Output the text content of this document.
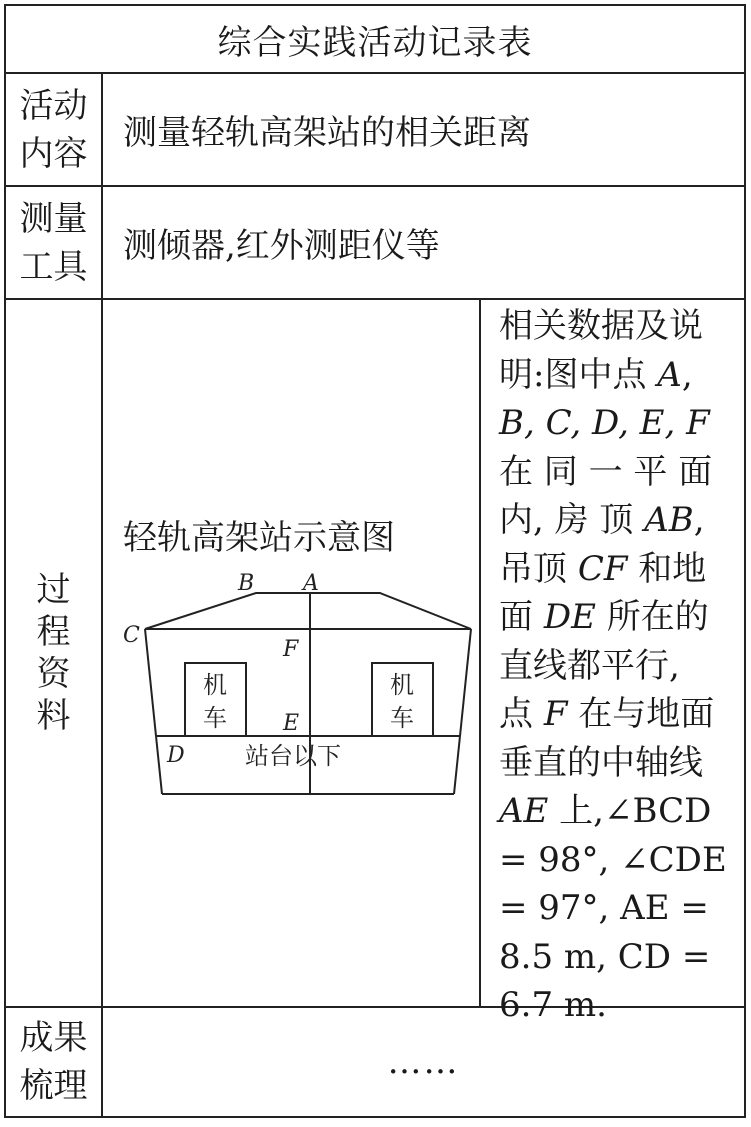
综合实践活动记录表
活动
内容
测量轻轨高架站的相关距离
测量
工具
测倾器,红外测距仪等
过
程
资
料
轻轨高架站示意图
B A
C
F
E
D
机
车
机
车
站台以下
相关数据及说
明:图中点 A,
B, C, D, E, F
在 同 一 平 面
内, 房 顶 AB,
吊顶 CF 和地
面 DE 所在的
直线都平行,
点 F 在与地面
垂直的中轴线
AE 上,∠BCD
= 98°, ∠CDE
= 97°, AE =
8.5 m, CD =
6.7 m.
成果
梳理
……
